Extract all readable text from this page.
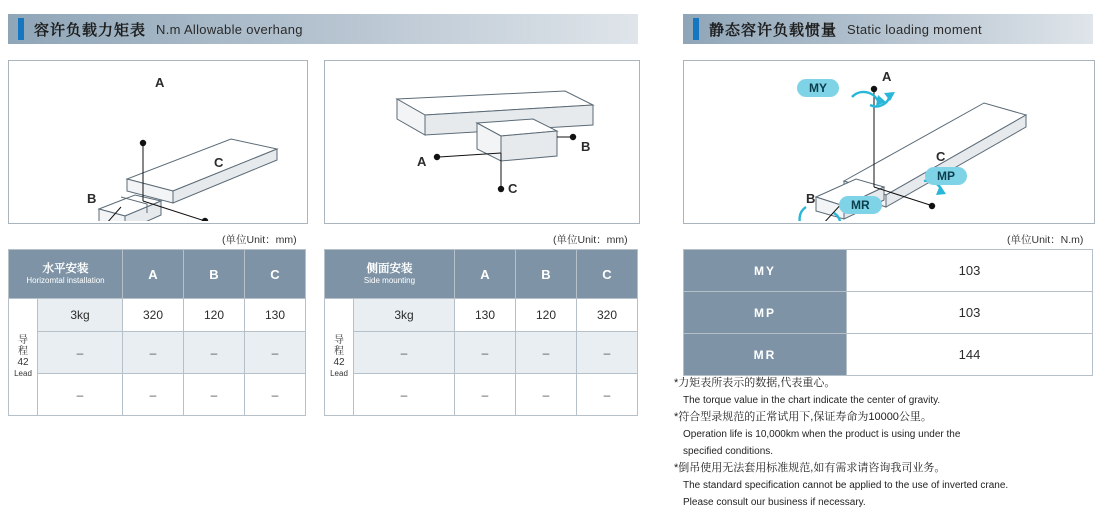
容许负载力矩表 N.m Allowable overhang	静态容许负载惯量 Static loading moment
A
C
B
A
B
C
MY
MP
MR
A
C
B
(单位Unit：mm)	(单位Unit：mm)	(单位Unit：N.m)
水平安装
Horizomtal installation		A	B	C

导
程
42
Lead	3kg	320	120	130
	–	–	–	–
	–	–	–	–
侧面安装
Side mounting		A	B	C

导
程
42
Lead	3kg	130	120	320
	–	–	–	–
	–	–	–	–
MY	103
MP	103
MR	144

*力矩表所表示的数据,代表重心。

The torque value in the chart indicate the center of gravity.

*符合型录规范的正常试用下,保证寿命为10000公里。

Operation life is 10,000km when the product is using under the

specified conditions.

*倒吊使用无法套用标准规范,如有需求请咨询我司业务。

The standard specification cannot be applied to the use of inverted crane.

Please consult our business if necessary.
